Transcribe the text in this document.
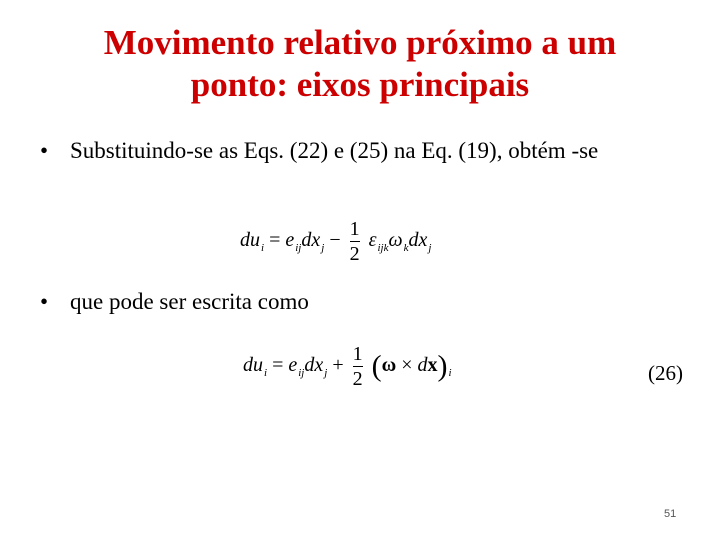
Movimento relativo próximo a um
ponto: eixos principais
• Substituindo-se as Eqs. (22) e (25) na Eq. (19), obtém -se
$du_i = e_{ij}dx_j - \frac{1}{2} \varepsilon_{ijk}\omega_kdx_j$
• que pode ser escrita como
$du_i = e_{ij}dx_j + \frac{1}{2} (\omega \times dx)_i$	(26)
51
